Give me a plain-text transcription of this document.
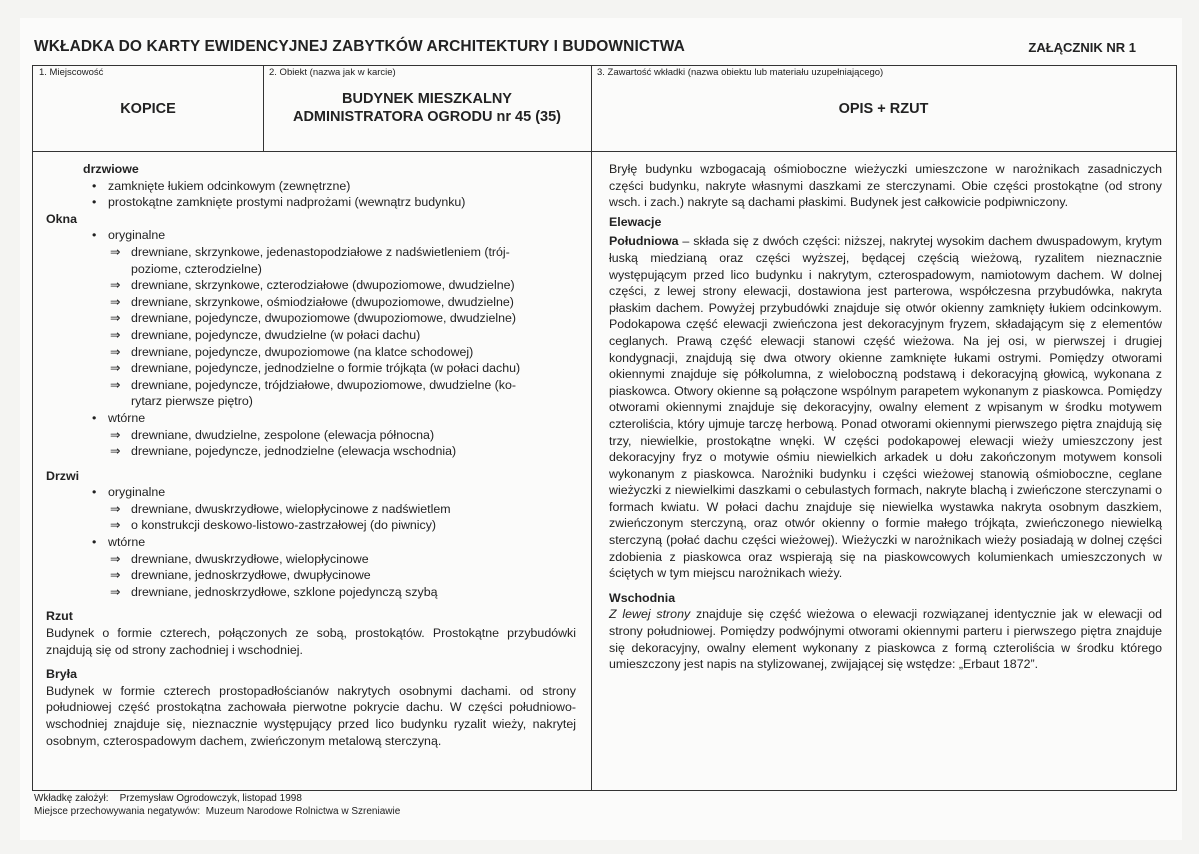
WKŁADKA DO KARTY EWIDENCYJNEJ ZABYTKÓW ARCHITEKTURY I BUDOWNICTWA	ZAŁĄCZNIK NR 1
1. Miejscowość
KOPICE
2. Obiekt (nazwa jak w karcie)
BUDYNEK MIESZKALNY
ADMINISTRATORA OGRODU nr 45 (35)
3. Zawartość wkładki (nazwa obiektu lub materiału uzupełniającego)
OPIS + RZUT
drzwiowe
• zamknięte łukiem odcinkowym (zewnętrzne)
• prostokątne zamknięte prostymi nadprożami (wewnątrz budynku)
Okna
• oryginalne
⇒ drewniane, skrzynkowe, jedenastopodziałowe z nadświetleniem (trój-
poziome, czterodzielne)
⇒ drewniane, skrzynkowe, czterodziałowe (dwupoziomowe, dwudzielne)
⇒ drewniane, skrzynkowe, ośmiodziałowe (dwupoziomowe, dwudzielne)
⇒ drewniane, pojedyncze, dwupoziomowe (dwupoziomowe, dwudzielne)
⇒ drewniane, pojedyncze, dwudzielne (w połaci dachu)
⇒ drewniane, pojedyncze, dwupoziomowe (na klatce schodowej)
⇒ drewniane, pojedyncze, jednodzielne o formie trójkąta (w połaci dachu)
⇒ drewniane, pojedyncze, trójdziałowe, dwupoziomowe, dwudzielne (ko-
rytarz pierwsze piętro)
• wtórne
⇒ drewniane, dwudzielne, zespolone (elewacja północna)
⇒ drewniane, pojedyncze, jednodzielne (elewacja wschodnia)
Drzwi
• oryginalne
⇒ drewniane, dwuskrzydłowe, wielopłycinowe z nadświetlem
⇒ o konstrukcji deskowo-listowo-zastrzałowej (do piwnicy)
• wtórne
⇒ drewniane, dwuskrzydłowe, wielopłycinowe
⇒ drewniane, jednoskrzydłowe, dwupłycinowe
⇒ drewniane, jednoskrzydłowe, szklone pojedynczą szybą
Rzut
Budynek o formie czterech, połączonych ze sobą, prostokątów. Prostokątne przybudówki znajdują się od strony zachodniej i wschodniej.
Bryła
Budynek w formie czterech prostopadłościanów nakrytych osobnymi dachami. od strony południowej część prostokątna zachowała pierwotne pokrycie dachu. W części południowo-wschodniej znajduje się, nieznacznie występujący przed lico budynku ryzalit wieży, nakrytej osobnym, czterospadowym dachem, zwieńczonym metalową sterczyną.
Bryłę budynku wzbogacają ośmioboczne wieżyczki umieszczone w narożnikach zasadniczych części budynku, nakryte własnymi daszkami ze sterczynami. Obie części prostokątne (od strony wsch. i zach.) nakryte są dachami płaskimi. Budynek jest całkowicie podpiwniczony.
Elewacje
Południowa – składa się z dwóch części: niższej, nakrytej wysokim dachem dwuspadowym, krytym łuską miedzianą oraz części wyższej, będącej częścią wieżową, ryzalitem nieznacznie występującym przed lico budynku i nakrytym, czterospadowym, namiotowym dachem. W dolnej części, z lewej strony elewacji, dostawiona jest parterowa, współczesna przybudówka, nakryta płaskim dachem. Powyżej przybudówki znajduje się otwór okienny zamknięty łukiem odcinkowym. Podokapowa część elewacji zwieńczona jest dekoracyjnym fryzem, składającym się z elementów ceglanych. Prawą część elewacji stanowi część wieżowa. Na jej osi, w pierwszej i drugiej kondygnacji, znajdują się dwa otwory okienne zamknięte łukami ostrymi. Pomiędzy otworami okiennymi znajduje się półkolumna, z wieloboczną podstawą i dekoracyjną głowicą, wykonana z piaskowca. Otwory okienne są połączone wspólnym parapetem wykonanym z piaskowca. Pomiędzy otworami okiennymi znajduje się dekoracyjny, owalny element z wpisanym w środku motywem czteroliścia, który ujmuje tarczę herbową. Ponad otworami okiennymi pierwszego piętra znajdują się trzy, niewielkie, prostokątne wnęki. W części podokapowej elewacji wieży umieszczony jest dekoracyjny fryz o motywie ośmiu niewielkich arkadek u dołu zakończonym motywem konsoli wykonanym z piaskowca. Narożniki budynku i części wieżowej stanowią ośmioboczne, ceglane wieżyczki z niewielkimi daszkami o cebulastych formach, nakryte blachą i zwieńczone sterczynami o formach kwiatu. W połaci dachu znajduje się niewielka wystawka nakryta osobnym daszkiem, zwieńczonym sterczyną, oraz otwór okienny o formie małego trójkąta, zwieńczonego niewielką sterczyną (połać dachu części wieżowej). Wieżyczki w narożnikach wieży posiadają w dolnej części zdobienia z piaskowca oraz wspierają się na piaskowcowych kolumienkach umieszczonych w ściętych w tym miejscu narożnikach wieży.
Wschodnia
Z lewej strony znajduje się część wieżowa o elewacji rozwiązanej identycznie jak w elewacji od strony południowej. Pomiędzy podwójnymi otworami okiennymi parteru i pierwszego piętra znajduje się dekoracyjny, owalny element wykonany z piaskowca z formą czteroliścia w środku którego umieszczony jest napis na stylizowanej, zwijającej się wstędze: „Erbaut 1872”.
Wkładkę założył:    Przemysław Ogrodowczyk, listopad 1998
Miejsce przechowywania negatywów:  Muzeum Narodowe Rolnictwa w Szreniawie
